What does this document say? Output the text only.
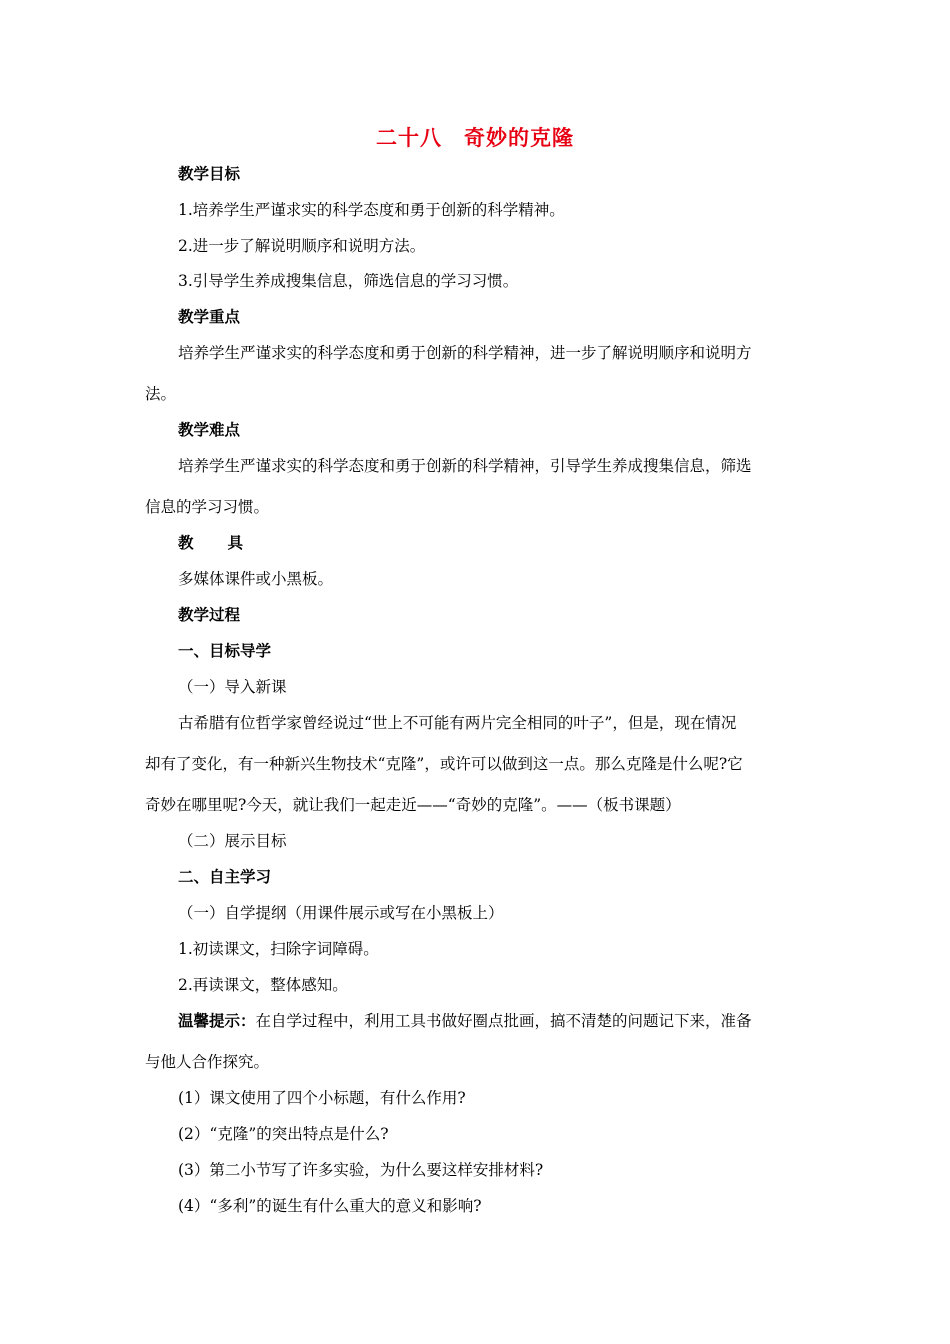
二十八　奇妙的克隆
教学目标
1.培养学生严谨求实的科学态度和勇于创新的科学精神。
2.进一步了解说明顺序和说明方法。
3.引导学生养成搜集信息，筛选信息的学习习惯。
教学重点
培养学生严谨求实的科学态度和勇于创新的科学精神，进一步了解说明顺序和说明方
法。
教学难点
培养学生严谨求实的科学态度和勇于创新的科学精神，引导学生养成搜集信息，筛选
信息的学习习惯。
教 具
多媒体课件或小黑板。
教学过程
一、目标导学
（一）导入新课
古希腊有位哲学家曾经说过“世上不可能有两片完全相同的叶子”，但是，现在情况
却有了变化，有一种新兴生物技术“克隆”，或许可以做到这一点。那么克隆是什么呢?它
奇妙在哪里呢?今天，就让我们一起走近——“奇妙的克隆”。——（板书课题）
（二）展示目标
二、自主学习
（一）自学提纲（用课件展示或写在小黑板上）
1.初读课文，扫除字词障碍。
2.再读课文，整体感知。
温馨提示：在自学过程中，利用工具书做好圈点批画，搞不清楚的问题记下来，准备
与他人合作探究。
(1）课文使用了四个小标题，有什么作用?
(2）“克隆”的突出特点是什么?
(3）第二小节写了许多实验，为什么要这样安排材料?
(4）“多利”的诞生有什么重大的意义和影响?
